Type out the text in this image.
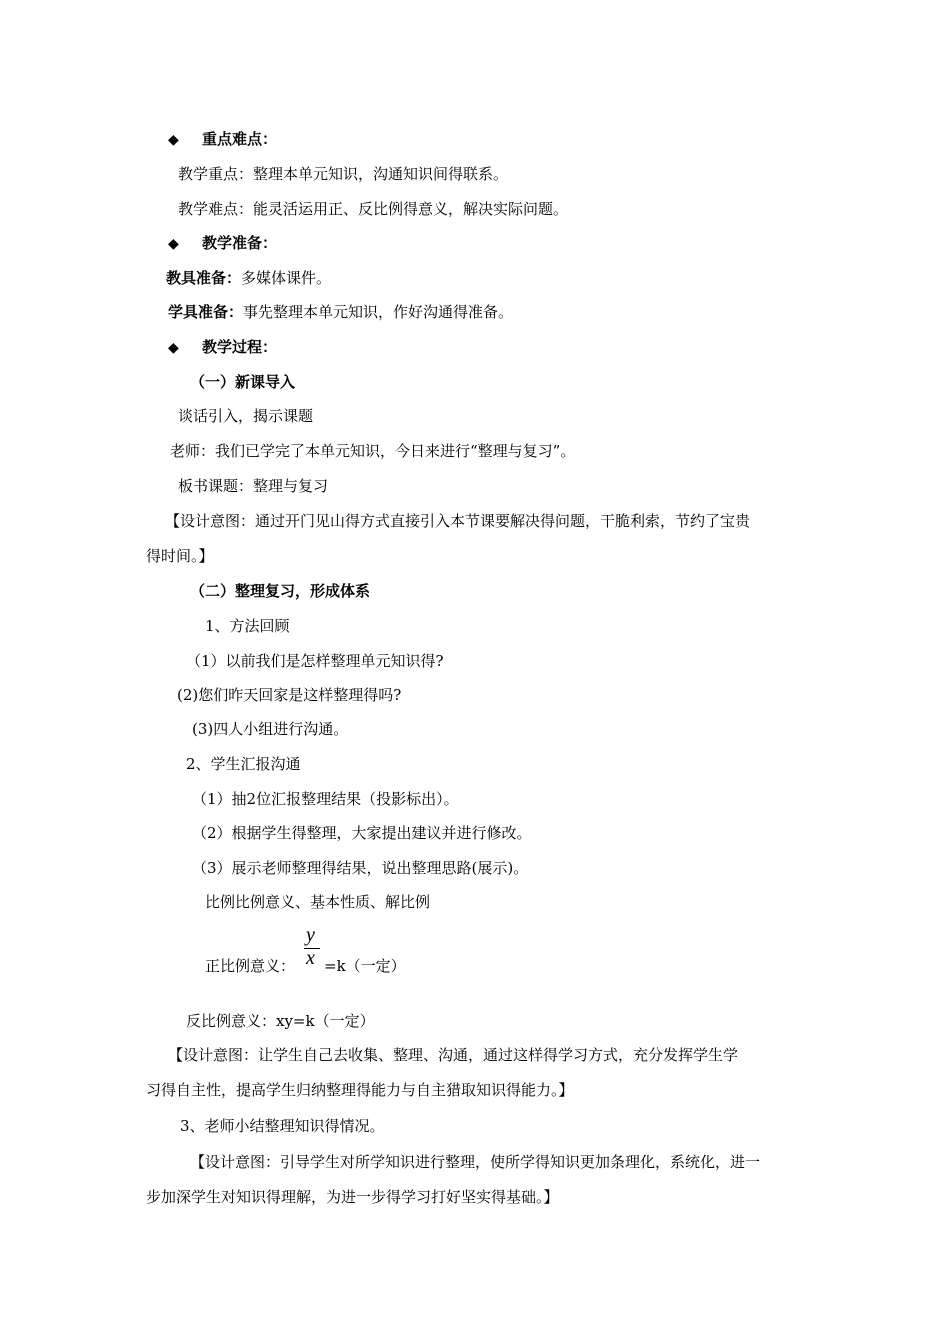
◆ 重点难点：
教学重点：整理本单元知识，沟通知识间得联系。
教学难点：能灵活运用正、反比例得意义，解决实际问题。
◆ 教学准备：
教具准备：多媒体课件。
学具准备：事先整理本单元知识，作好沟通得准备。
◆ 教学过程：
（一）新课导入
谈话引入，揭示课题
老师：我们已学完了本单元知识，今日来进行“整理与复习”。
板书课题：整理与复习
【设计意图：通过开门见山得方式直接引入本节课要解决得问题，干脆利索，节约了宝贵
得时间。】
（二）整理复习，形成体系
1、方法回顾
（1）以前我们是怎样整理单元知识得?
(2)您们昨天回家是这样整理得吗?
(3)四人小组进行沟通。
2、学生汇报沟通
（1）抽2位汇报整理结果（投影标出）。
（2）根据学生得整理，大家提出建议并进行修改。
（3）展示老师整理得结果，说出整理思路(展示)。
比例比例意义、基本性质、解比例
y
x
正比例意义： =k（一定）
反比例意义：xy=k（一定）
【设计意图：让学生自己去收集、整理、沟通，通过这样得学习方式，充分发挥学生学
习得自主性，提高学生归纳整理得能力与自主猎取知识得能力。】
3、老师小结整理知识得情况。
【设计意图：引导学生对所学知识进行整理，使所学得知识更加条理化，系统化，进一
步加深学生对知识得理解，为进一步得学习打好坚实得基础。】
